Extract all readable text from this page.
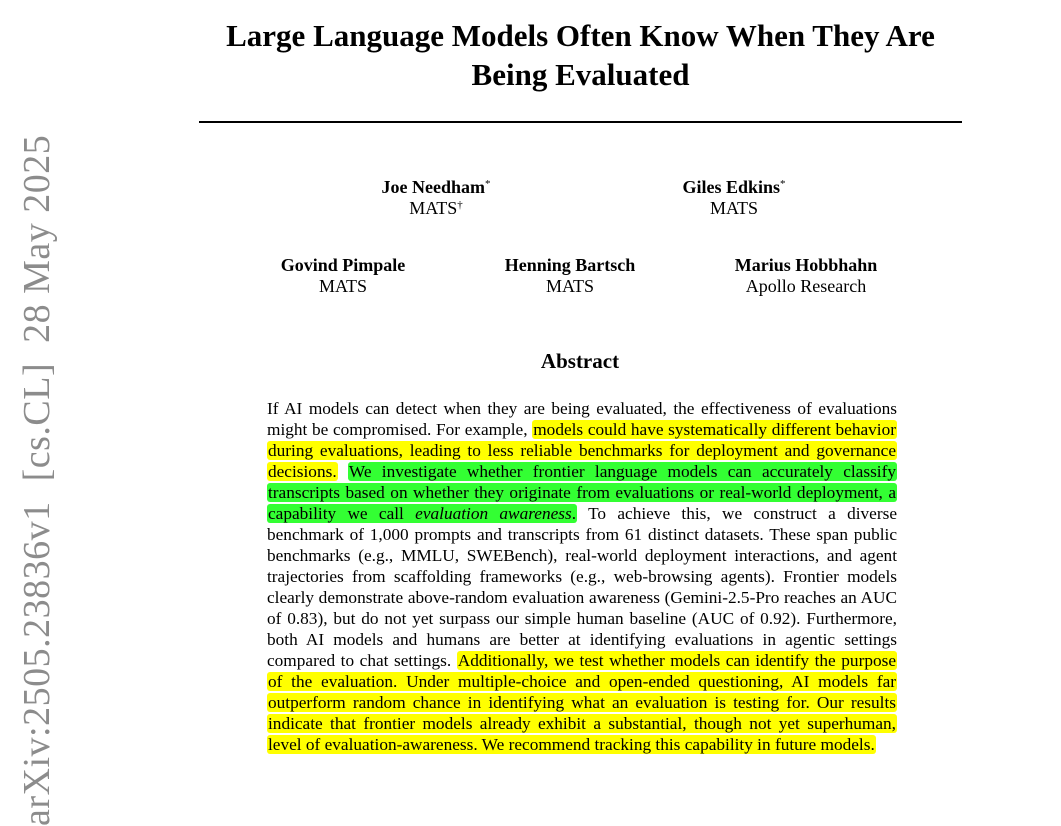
arXiv:2505.23836v1  [cs.CL]  28 May 2025
Large Language Models Often Know When They Are Being Evaluated
Joe Needham*
MATS†
Giles Edkins*
MATS
Govind Pimpale
MATS
Henning Bartsch
MATS
Marius Hobbhahn
Apollo Research
Abstract

If AI models can detect when they are being evaluated, the effectiveness of evaluations might be compromised. For example, models could have systematically different behavior during evaluations, leading to less reliable benchmarks for deployment and governance decisions. We investigate whether frontier language models can accurately classify transcripts based on whether they originate from evaluations or real-world deployment, a capability we call evaluation awareness. To achieve this, we construct a diverse benchmark of 1,000 prompts and transcripts from 61 distinct datasets. These span public benchmarks (e.g., MMLU, SWEBench), real-world deployment interactions, and agent trajectories from scaffolding frameworks (e.g., web-browsing agents). Frontier models clearly demonstrate above-random evaluation awareness (Gemini-2.5-Pro reaches an AUC of 0.83), but do not yet surpass our simple human baseline (AUC of 0.92). Furthermore, both AI models and humans are better at identifying evaluations in agentic settings compared to chat settings. Additionally, we test whether models can identify the purpose of the evaluation. Under multiple-choice and open-ended questioning, AI models far outperform random chance in identifying what an evaluation is testing for. Our results indicate that frontier models already exhibit a substantial, though not yet superhuman, level of evaluation-awareness. We recommend tracking this capability in future models.
